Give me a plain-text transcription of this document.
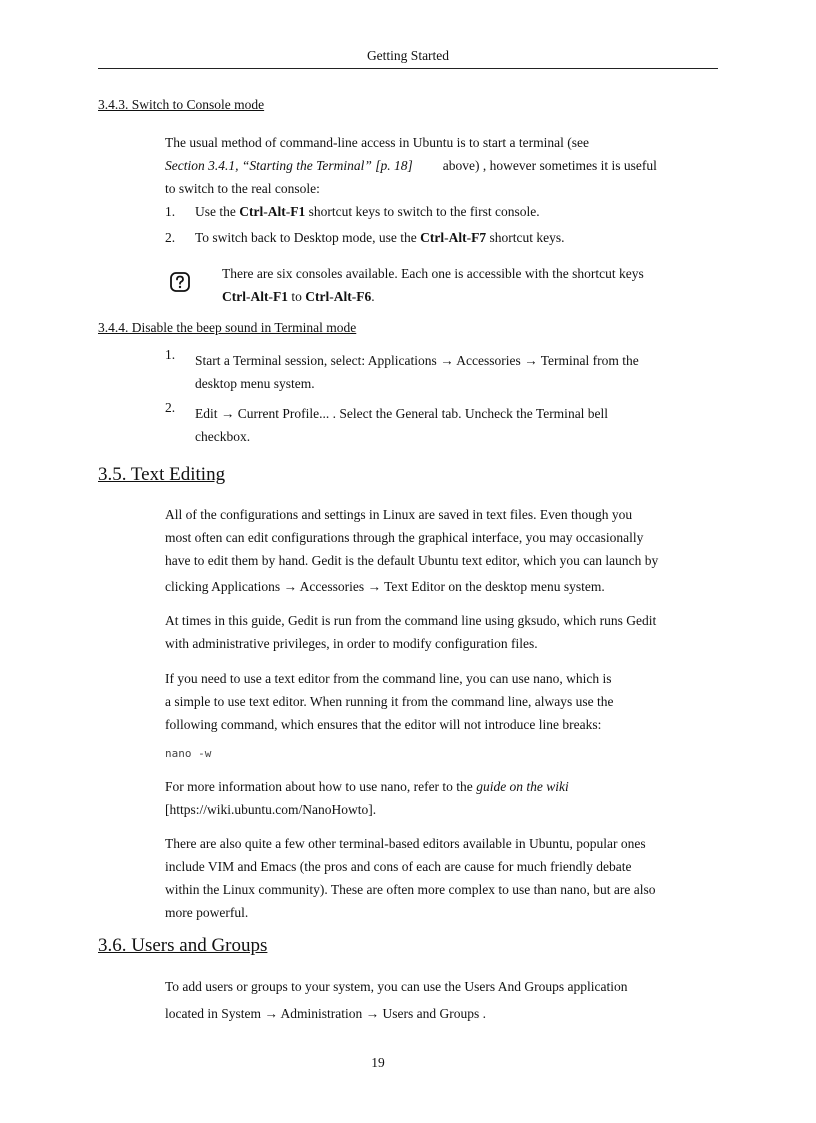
Getting Started
3.4.3. Switch to Console mode
The usual method of command-line access in Ubuntu is to start a terminal (see
Section 3.4.1, “Starting the Terminal” [p. 18] above) , however sometimes it is useful
to switch to the real console:
1. Use the Ctrl-Alt-F1 shortcut keys to switch to the first console.
2. To switch back to Desktop mode, use the Ctrl-Alt-F7 shortcut keys.
There are six consoles available. Each one is accessible with the shortcut keys
Ctrl-Alt-F1 to Ctrl-Alt-F6.
3.4.4. Disable the beep sound in Terminal mode
1. Start a Terminal session, select: Applications → Accessories → Terminal from the
desktop menu system.
2. Edit → Current Profile... . Select the General tab. Uncheck the Terminal bell
checkbox.
3.5. Text Editing
All of the configurations and settings in Linux are saved in text files. Even though you
most often can edit configurations through the graphical interface, you may occasionally
have to edit them by hand. Gedit is the default Ubuntu text editor, which you can launch by
clicking Applications → Accessories → Text Editor on the desktop menu system.
At times in this guide, Gedit is run from the command line using gksudo, which runs Gedit
with administrative privileges, in order to modify configuration files.
If you need to use a text editor from the command line, you can use nano, which is
a simple to use text editor. When running it from the command line, always use the
following command, which ensures that the editor will not introduce line breaks:
nano -w
For more information about how to use nano, refer to the guide on the wiki
[https://wiki.ubuntu.com/NanoHowto].
There are also quite a few other terminal-based editors available in Ubuntu, popular ones
include VIM and Emacs (the pros and cons of each are cause for much friendly debate
within the Linux community). These are often more complex to use than nano, but are also
more powerful.
3.6. Users and Groups
To add users or groups to your system, you can use the Users And Groups application
located in System → Administration → Users and Groups .
19
